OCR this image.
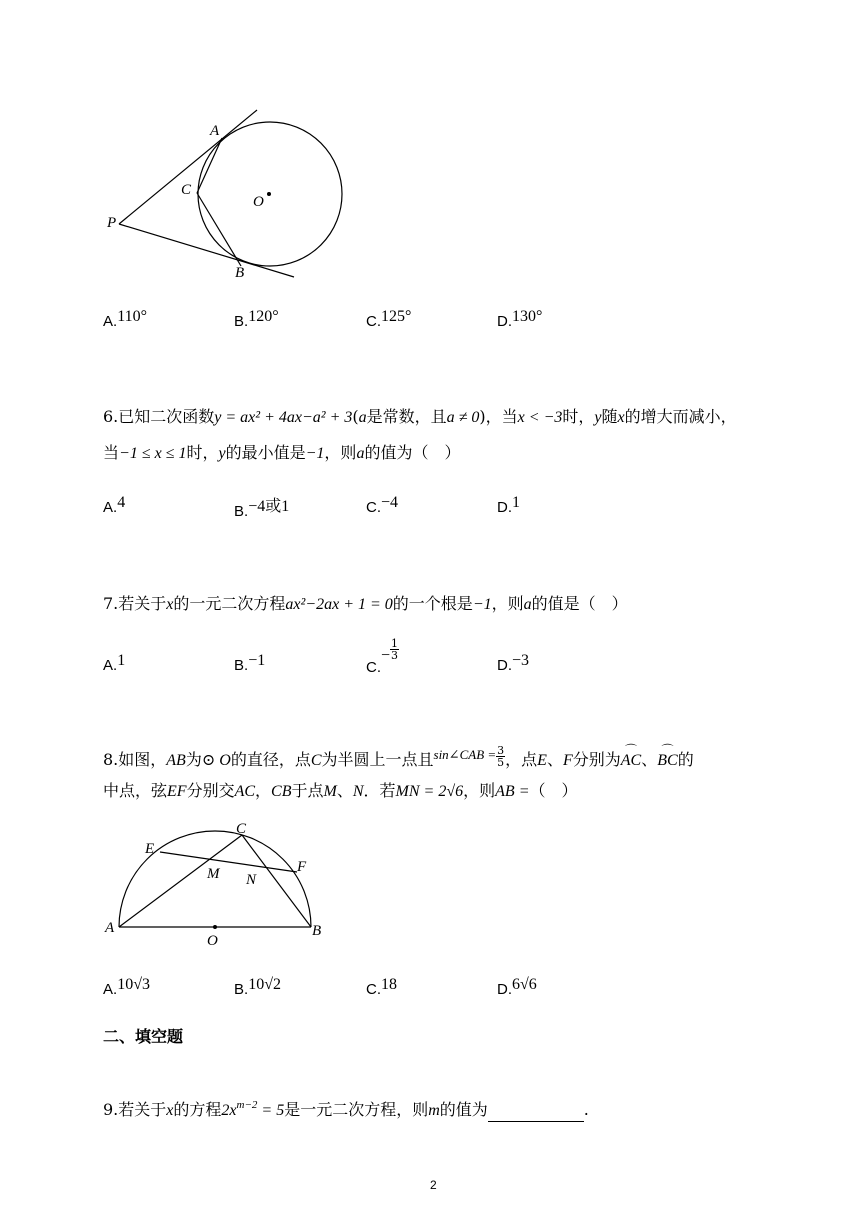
A
C
O
P
B
A.110°	B.120°	C.125°	D.130°
6.已知二次函数y = ax² + 4ax−a² + 3(a是常数，且a ≠ 0)，当x < −3时，y随x的增大而减小，
当−1 ≤ x ≤ 1时，y的最小值是−1，则a的值为（　）
A.4
B.−4或1	C.−4	D.1
7.若关于x的一元二次方程ax²−2ax + 1 = 0的一个根是−1，则a的值是（　）
A.1	B.−1	$C.- \frac{1}{3}$
D.−3
8.如图，AB为⊙ O的直径，点C为半圆上一点且$^{sin\angle CAB =} \frac{3}{5}$ ，点E、F分别为⌒ AC、⌒ BC的
中点，弦EF分别交AC，CB于点M、N．若MN = 2√6，则AB =（　）
C
E
F
M N
A
O
B
A.10√3	B.10√2	C.18	D.6√6
二、填空题
9.若关于x的方程$2x^{m-2} = 5$是一元二次方程，则m的值为	.
2
